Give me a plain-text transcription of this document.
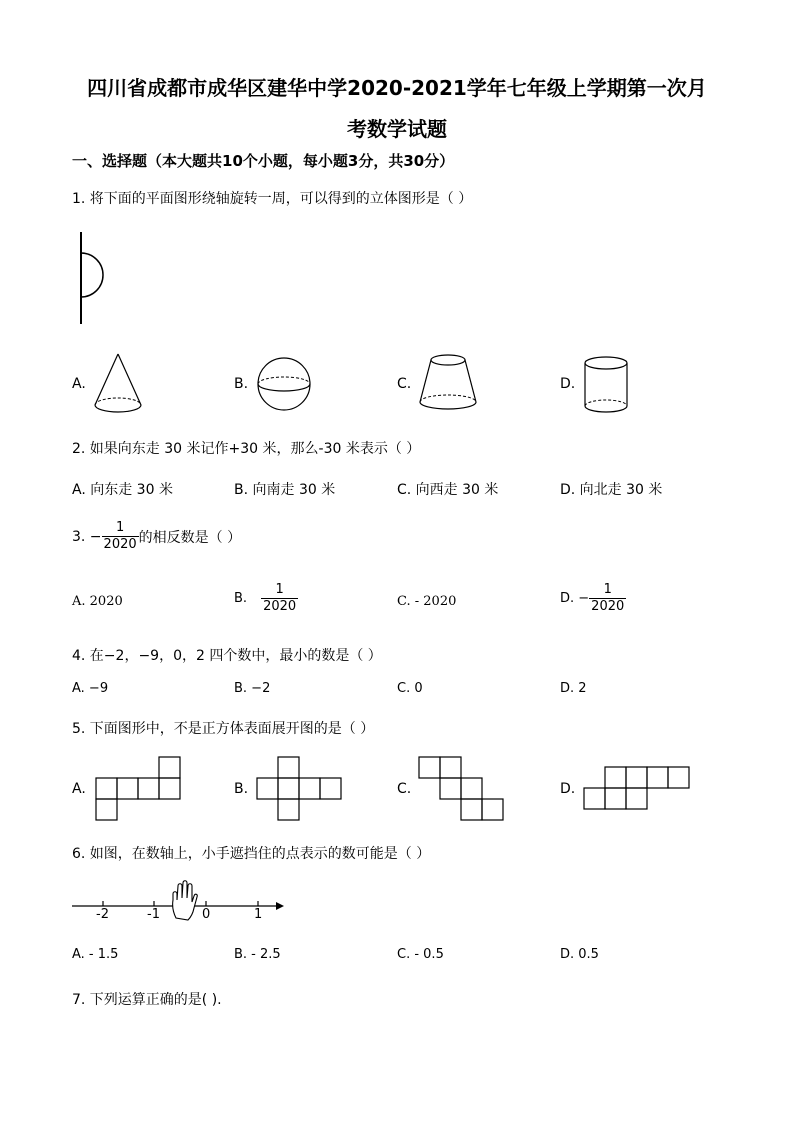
四川省成都市成华区建华中学2020-2021学年七年级上学期第一次月
考数学试题
一、选择题（本大题共10个小题，每小题3分，共30分）
1. 将下面的平面图形绕轴旋转一周，可以得到的立体图形是（ ）
A.	B.	C.	D.
2. 如果向东走 30 米记作+30 米，那么-30 米表示（ ）
A. 向东走 30 米	B. 向南走 30 米	C. 向西走 30 米	D. 向北走 30 米
3. − $\frac{1}{2020}$ 的相反数是（ ）
A. 2020	B. $\frac{1}{2020}$	C. - 2020	D. − $\frac{1}{2020}$
4. 在−2，−9，0，2 四个数中，最小的数是（ ）
A. −9	B. −2	C. 0	D. 2
5. 下面图形中，不是正方体表面展开图的是（ ）
A.	B.	C.	D.
6. 如图，在数轴上，小手遮挡住的点表示的数可能是（ ）
-2	-1	0	1
A. - 1.5	B. - 2.5	C. - 0.5	D. 0.5
7. 下列运算正确的是( ).
